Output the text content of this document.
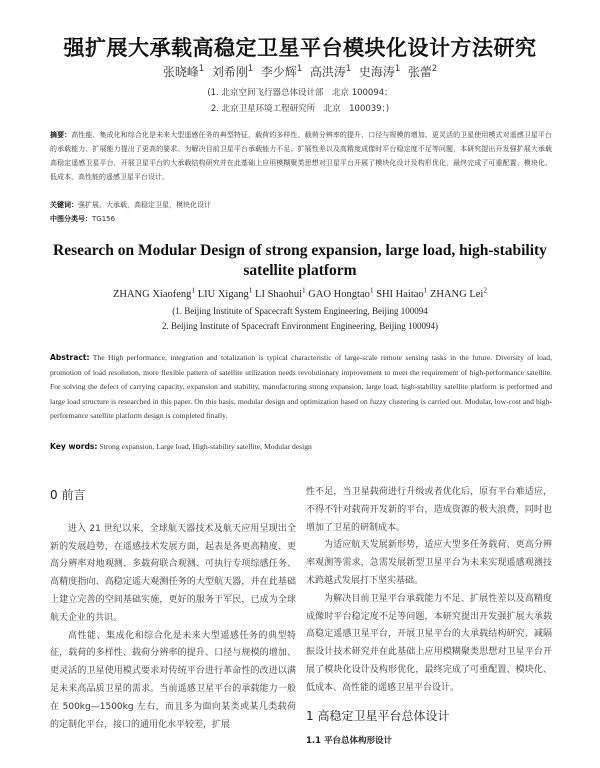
强扩展大承载高稳定卫星平台模块化设计方法研究
张晓峰$^1$ 刘希刚$^1$ 李少辉$^1$ 高洪涛$^1$ 史海涛$^1$ 张蕾$^2$
(1. 北京空间飞行器总体设计部　北京 100094；
2. 北京卫星环境工程研究所　北京　100039；)
摘要：高性能、集成化和综合化是未来大型遥感任务的典型特征，载荷的多样性、载荷分辨率的提升、口径与规模的增加、更灵活的卫星使用模式对遥感卫星平台的承载能力、扩展能力提出了更高的要求。为解决目前卫星平台承载能力不足、扩展性差以及高精度成像时平台稳定度不足等问题，本研究提出开发强扩展大承载高稳定遥感卫星平台，开展卫星平台的大承载结构研究并在此基础上应用模糊聚类思想对卫星平台开展了模块化设计及构形优化，最终完成了可重配置、模块化、低成本、高性能的遥感卫星平台设计。
关键词：强扩展，大承载，高稳定卫星，模块化设计
中图分类号：TG156
Research on Modular Design of strong expansion, large load, high-stability satellite platform
ZHANG Xiaofeng$^1$ LIU Xigang$^1$ LI Shaohui$^1$ GAO Hongtao$^1$ SHI Haitao$^1$ ZHANG Lei$^2$
(1. Beijing Institute of Spacecraft System Engineering, Beijing 100094
2. Beijing Institute of Spacecraft Environment Engineering, Beijing 100094)
Abstract: The High performance, integration and totalization is typical characteristic of large-scale remote sensing tasks in the future. Diversity of load, promotion of load resolution, more flexible pattern of satellite utilization needs revolutionary improvement to meet the requirement of high-performance satellite. For solving the defect of carrying capacity, expansion and stability, manufacturing strong expansion, large load, high-stability satellite platform is performed and large load structure is researched in this paper. On this basis, modular design and optimization based on fuzzy clustering is carried out. Modular, low-cost and high-performance satellite platform design is completed finally.
Key words: Strong expansion, Large load, High-stability satellite, Modular design
0 前言

进入 21 世纪以来，全球航天器技术及航天应用呈现出全新的发展趋势，在遥感技术发展方面，起表是各更高精度、更高分辨率对地观测、多载荷联合观测、可执行专项综感任务、高精度指向、高稳定遥大观测任务的大型航天器，并在此基础上建立完善的空间基础实施，更好的服务于军民，已成为全球航天企业的共识。

高性能、集成化和综合化是未来大型遥感任务的典型特征，载荷的多样性、载荷分辨率的提升、口径与规模的增加、更灵活的卫星使用模式要求对传统平台进行革命性的改进以满足未来高品质卫星的需求。当前遥感卫星平台的承载能力一般在 500kg—1500kg 左右，而且多为面向某类或某几类载荷的定制化平台，接口的通用化水平较差，扩展

性不足，当卫星载荷进行升级或者优化后，原有平台难适应，不得不针对载荷开发新的平台，造成资源的极大浪费，同时也增加了卫星的研制成本。

为适应航天发展新形势，适应大型多任务载荷、更高分辨率观测等需求，急需发展新型卫星平台为未来实现遥感观测技术跨越式发展打下坚实基础。

为解决目前卫星平台承载能力不足、扩展性差以及高精度成像时平台稳定度不足等问题，本研究提出开发强扩展大承载高稳定遥感卫星平台，开展卫星平台的大承载结构研究、减隔振设计技术研究并在此基础上应用模糊聚类思想对卫星平台开展了模块化设计及构形优化，最终完成了可重配置、模块化、低成本、高性能的遥感卫星平台设计。

1 高稳定卫星平台总体设计
1.1 平台总体构形设计
